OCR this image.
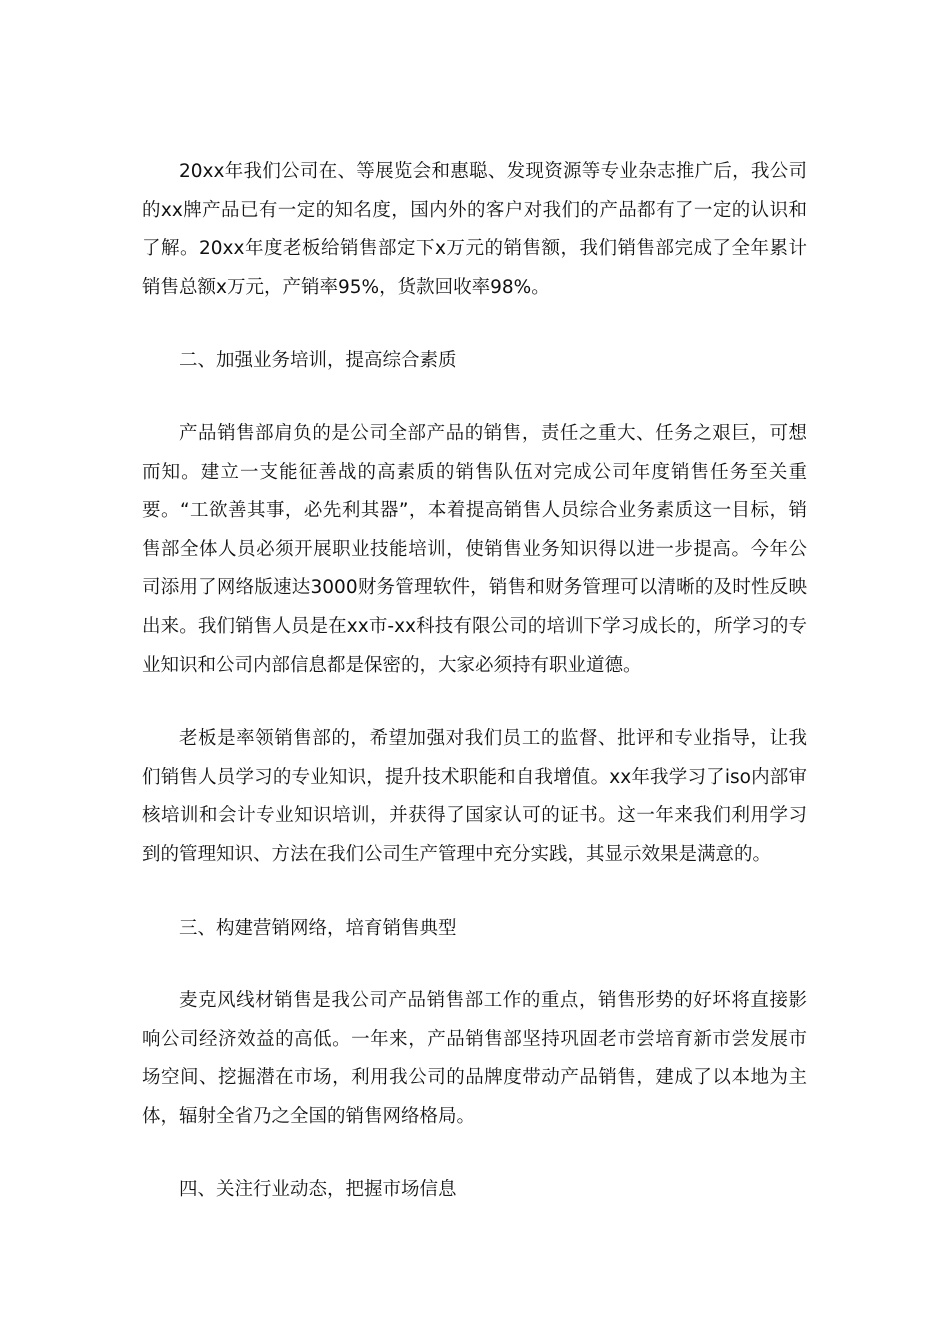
20xx年我们公司在、等展览会和惠聪、发现资源等专业杂志推广后，我公司的xx牌产品已有一定的知名度，国内外的客户对我们的产品都有了一定的认识和了解。20xx年度老板给销售部定下x万元的销售额，我们销售部完成了全年累计销售总额x万元，产销率95%，货款回收率98%。

二、加强业务培训，提高综合素质

产品销售部肩负的是公司全部产品的销售，责任之重大、任务之艰巨，可想而知。建立一支能征善战的高素质的销售队伍对完成公司年度销售任务至关重要。“工欲善其事，必先利其器”，本着提高销售人员综合业务素质这一目标，销售部全体人员必须开展职业技能培训，使销售业务知识得以进一步提高。今年公司添用了网络版速达3000财务管理软件，销售和财务管理可以清晰的及时性反映出来。我们销售人员是在xx市-xx科技有限公司的培训下学习成长的，所学习的专业知识和公司内部信息都是保密的，大家必须持有职业道德。

老板是率领销售部的，希望加强对我们员工的监督、批评和专业指导，让我们销售人员学习的专业知识，提升技术职能和自我增值。xx年我学习了iso内部审核培训和会计专业知识培训，并获得了国家认可的证书。这一年来我们利用学习到的管理知识、方法在我们公司生产管理中充分实践，其显示效果是满意的。

三、构建营销网络，培育销售典型

麦克风线材销售是我公司产品销售部工作的重点，销售形势的好坏将直接影响公司经济效益的高低。一年来，产品销售部坚持巩固老市尝培育新市尝发展市场空间、挖掘潜在市场，利用我公司的品牌度带动产品销售，建成了以本地为主体，辐射全省乃之全国的销售网络格局。

四、关注行业动态，把握市场信息
